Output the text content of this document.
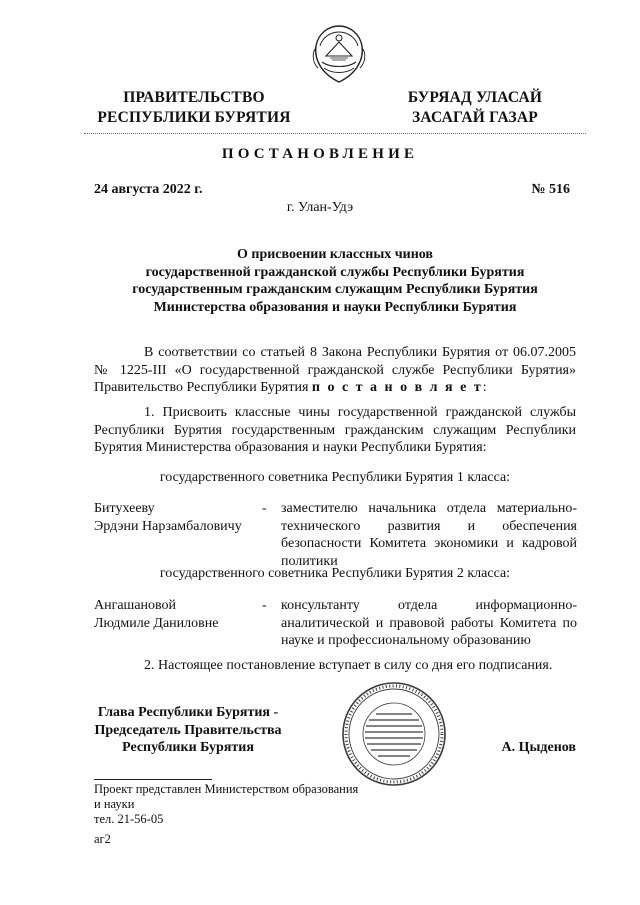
ПРАВИТЕЛЬСТВО
РЕСПУБЛИКИ БУРЯТИЯ
БУРЯАД УЛАСАЙ
ЗАСАГАЙ ГАЗАР
ПОСТАНОВЛЕНИЕ
24 августа 2022 г.	№ 516
г. Улан-Удэ
О присвоении классных чинов
государственной гражданской службы Республики Бурятия
государственным гражданским служащим Республики Бурятия
Министерства образования и науки Республики Бурятия
В соответствии со статьей 8 Закона Республики Бурятия от 06.07.2005 № 1225-III «О государственной гражданской службе Республики Бурятия» Правительство Республики Бурятия п о с т а н о в л я е т:
1. Присвоить классные чины государственной гражданской службы Республики Бурятия государственным гражданским служащим Республики Бурятия Министерства образования и науки Республики Бурятия:
государственного советника Республики Бурятия 1 класса:
Битухееву
Эрдэни Нарзамбаловичу
- заместителю начальника отдела материально-технического развития и обеспечения безопасности Комитета экономики и кадровой политики
государственного советника Республики Бурятия 2 класса:
Ангашановой
Людмиле Даниловне
- консультанту отдела информационно-аналитической и правовой работы Комитета по науке и профессиональному образованию
2. Настоящее постановление вступает в силу со дня его подписания.
Глава Республики Бурятия -
Председатель Правительства
Республики Бурятия	А. Цыденов
Проект представлен Министерством образования
и науки
тел. 21-56-05
аг2
